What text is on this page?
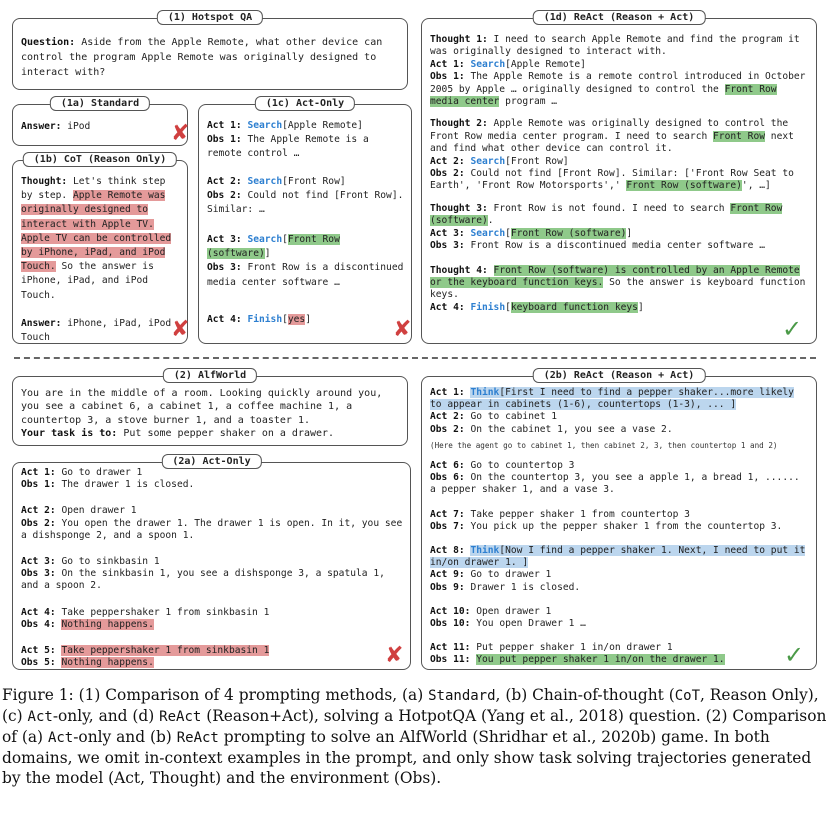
(1) Hotspot QA
Question: Aside from the Apple Remote, what other device can control the program Apple Remote was originally designed to interact with?
(1a) Standard
Answer: iPod	✘
(1b) CoT (Reason Only)
Thought: Let's think step by step. Apple Remote was originally designed to interact with Apple TV. Apple TV can be controlled by iPhone, iPad, and iPod Touch. So the answer is iPhone, iPad, and iPod Touch.
Answer: iPhone, iPad, iPod Touch	✘
(1c) Act-Only
Act 1: Search[Apple Remote]
Obs 1: The Apple Remote is a remote control …
Act 2: Search[Front Row]
Obs 2: Could not find [Front Row]. Similar: …
Act 3: Search[Front Row (software)]
Obs 3: Front Row is a discontinued media center software …
Act 4: Finish[yes]	✘
(1d) ReAct (Reason + Act)
Thought 1: I need to search Apple Remote and find the program it was originally designed to interact with.
Act 1: Search[Apple Remote]
Obs 1: The Apple Remote is a remote control introduced in October 2005 by Apple … originally designed to control the Front Row media center program …
Thought 2: Apple Remote was originally designed to control the Front Row media center program. I need to search Front Row next and find what other device can control it.
Act 2: Search[Front Row]
Obs 2: Could not find [Front Row]. Similar: ['Front Row Seat to Earth', 'Front Row Motorsports',' Front Row (software)', …]
Thought 3: Front Row is not found. I need to search Front Row (software).
Act 3: Search[Front Row (software)]
Obs 3: Front Row is a discontinued media center software …
Thought 4: Front Row (software) is controlled by an Apple Remote or the keyboard function keys. So the answer is keyboard function keys.
Act 4: Finish[keyboard function keys]
✓
(2) AlfWorld
You are in the middle of a room. Looking quickly around you, you see a cabinet 6, a cabinet 1, a coffee machine 1, a countertop 3, a stove burner 1, and a toaster 1.
Your task is to: Put some pepper shaker on a drawer.
(2a) Act-Only
Act 1: Go to drawer 1
Obs 1: The drawer 1 is closed.
Act 2: Open drawer 1
Obs 2: You open the drawer 1. The drawer 1 is open. In it, you see a dishsponge 2, and a spoon 1.
Act 3: Go to sinkbasin 1
Obs 3: On the sinkbasin 1, you see a dishsponge 3, a spatula 1, and a spoon 2.
Act 4: Take peppershaker 1 from sinkbasin 1
Obs 4: Nothing happens.
Act 5: Take peppershaker 1 from sinkbasin 1
Obs 5: Nothing happens.	✘
(2b) ReAct (Reason + Act)
Act 1: Think[First I need to find a pepper shaker...more likely to appear in cabinets (1-6), countertops (1-3), ... ]
Act 2: Go to cabinet 1
Obs 2: On the cabinet 1, you see a vase 2.
(Here the agent go to cabinet 1, then cabinet 2, 3, then countertop 1 and 2)
Act 6: Go to countertop 3
Obs 6: On the countertop 3, you see a apple 1, a bread 1, ...... a pepper shaker 1, and a vase 3.
Act 7: Take pepper shaker 1 from countertop 3
Obs 7: You pick up the pepper shaker 1 from the countertop 3.
Act 8: Think[Now I find a pepper shaker 1. Next, I need to put it in/on drawer 1. ]
Act 9: Go to drawer 1
Obs 9: Drawer 1 is closed.
Act 10: Open drawer 1
Obs 10: You open Drawer 1 …
Act 11: Put pepper shaker 1 in/on drawer 1
Obs 11: You put pepper shaker 1 in/on the drawer 1.	✓
Figure 1: (1) Comparison of 4 prompting methods, (a) Standard, (b) Chain-of-thought (CoT, Reason Only), (c) Act-only, and (d) ReAct (Reason+Act), solving a HotpotQA (Yang et al., 2018) question. (2) Comparison of (a) Act-only and (b) ReAct prompting to solve an AlfWorld (Shridhar et al., 2020b) game. In both domains, we omit in-context examples in the prompt, and only show task solving trajectories generated by the model (Act, Thought) and the environment (Obs).
